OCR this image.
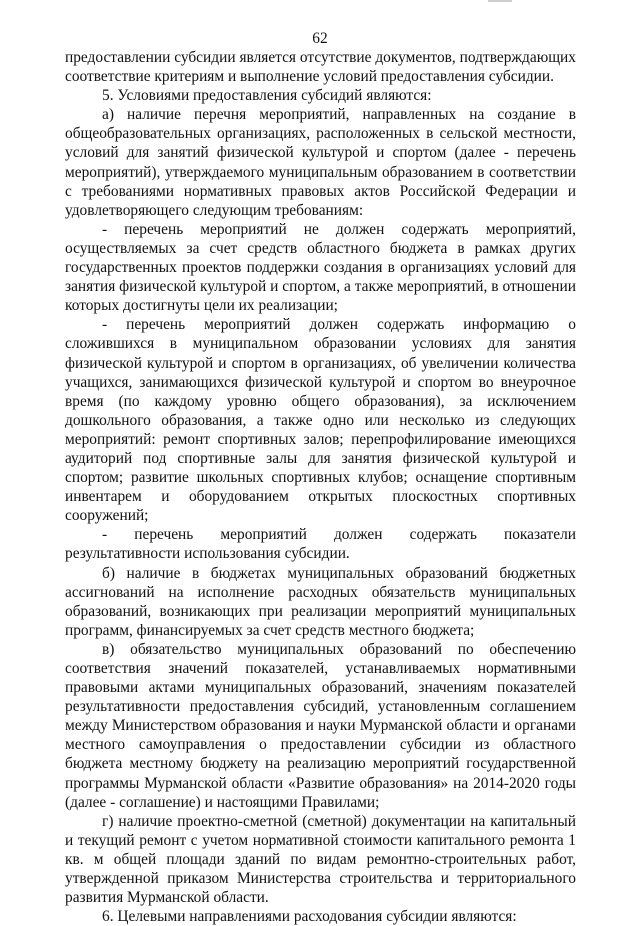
62

предоставлении субсидии является отсутствие документов, подтверждающих соответствие критериям и выполнение условий предоставления субсидии.

5. Условиями предоставления субсидий являются:

а) наличие перечня мероприятий, направленных на создание в общеобразовательных организациях, расположенных в сельской местности, условий для занятий физической культурой и спортом (далее - перечень мероприятий), утверждаемого муниципальным образованием в соответствии с требованиями нормативных правовых актов Российской Федерации и удовлетворяющего следующим требованиям:

- перечень мероприятий не должен содержать мероприятий, осуществляемых за счет средств областного бюджета в рамках других государственных проектов поддержки создания в организациях условий для занятия физической культурой и спортом, а также мероприятий, в отношении которых достигнуты цели их реализации;

- перечень мероприятий должен содержать информацию о сложившихся в муниципальном образовании условиях для занятия физической культурой и спортом в организациях, об увеличении количества учащихся, занимающихся физической культурой и спортом во внеурочное время (по каждому уровню общего образования), за исключением дошкольного образования, а также одно или несколько из следующих мероприятий: ремонт спортивных залов; перепрофилирование имеющихся аудиторий под спортивные залы для занятия физической культурой и спортом; развитие школьных спортивных клубов; оснащение спортивным инвентарем и оборудованием открытых плоскостных спортивных сооружений;

- перечень мероприятий должен содержать показатели результативности использования субсидии.

б) наличие в бюджетах муниципальных образований бюджетных ассигнований на исполнение расходных обязательств муниципальных образований, возникающих при реализации мероприятий муниципальных программ, финансируемых за счет средств местного бюджета;

в) обязательство муниципальных образований по обеспечению соответствия значений показателей, устанавливаемых нормативными правовыми актами муниципальных образований, значениям показателей результативности предоставления субсидий, установленным соглашением между Министерством образования и науки Мурманской области и органами местного самоуправления о предоставлении субсидии из областного бюджета местному бюджету на реализацию мероприятий государственной программы Мурманской области «Развитие образования» на 2014-2020 годы (далее - соглашение) и настоящими Правилами;

г) наличие проектно-сметной (сметной) документации на капитальный и текущий ремонт с учетом нормативной стоимости капитального ремонта 1 кв. м общей площади зданий по видам ремонтно-строительных работ, утвержденной приказом Министерства строительства и территориального развития Мурманской области.

6. Целевыми направлениями расходования субсидии являются:
